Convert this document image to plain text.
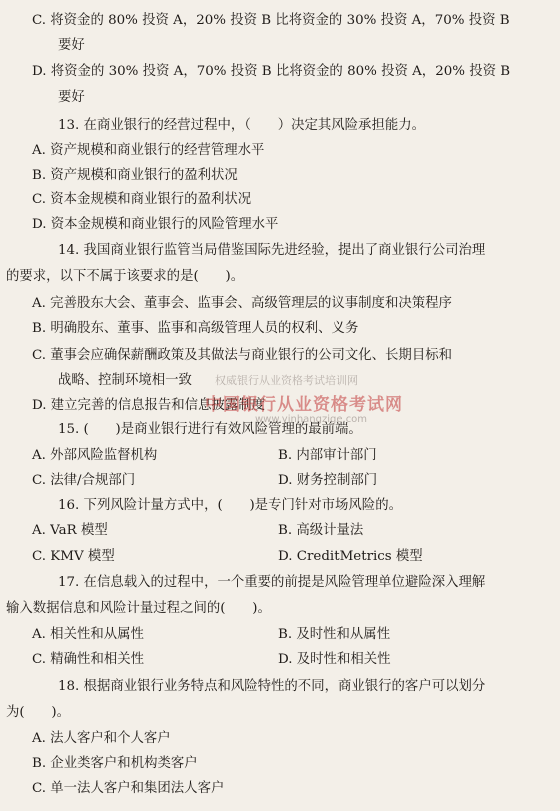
C. 将资金的 80% 投资 A，20% 投资 B 比将资金的 30% 投资 A，70% 投资 B
要好
D. 将资金的 30% 投资 A，70% 投资 B 比将资金的 80% 投资 A，20% 投资 B
要好
13. 在商业银行的经营过程中，（　　）决定其风险承担能力。
A. 资产规模和商业银行的经营管理水平
B. 资产规模和商业银行的盈利状况
C. 资本金规模和商业银行的盈利状况
D. 资本金规模和商业银行的风险管理水平
14. 我国商业银行监管当局借鉴国际先进经验，提出了商业银行公司治理
的要求，以下不属于该要求的是(　　)。
A. 完善股东大会、董事会、监事会、高级管理层的议事制度和决策程序
B. 明确股东、董事、监事和高级管理人员的权利、义务
C. 董事会应确保薪酬政策及其做法与商业银行的公司文化、长期目标和
战略、控制环境相一致
D. 建立完善的信息报告和信息披露制度
15. (　　)是商业银行进行有效风险管理的最前端。
A. 外部风险监督机构	B. 内部审计部门
C. 法律/合规部门	D. 财务控制部门
16. 下列风险计量方式中，(　　)是专门针对市场风险的。
A. VaR 模型	B. 高级计量法
C. KMV 模型	D. CreditMetrics 模型
17. 在信息载入的过程中，一个重要的前提是风险管理单位避险深入理解
输入数据信息和风险计量过程之间的(　　)。
A. 相关性和从属性	B. 及时性和从属性
C. 精确性和相关性	D. 及时性和相关性
18. 根据商业银行业务特点和风险特性的不同，商业银行的客户可以划分
为(　　)。
A. 法人客户和个人客户
B. 企业类客户和机构类客户
C. 单一法人客户和集团法人客户
权威银行从业资格考试培训网
中国银行从业资格考试网
www.yinhangzige.com
